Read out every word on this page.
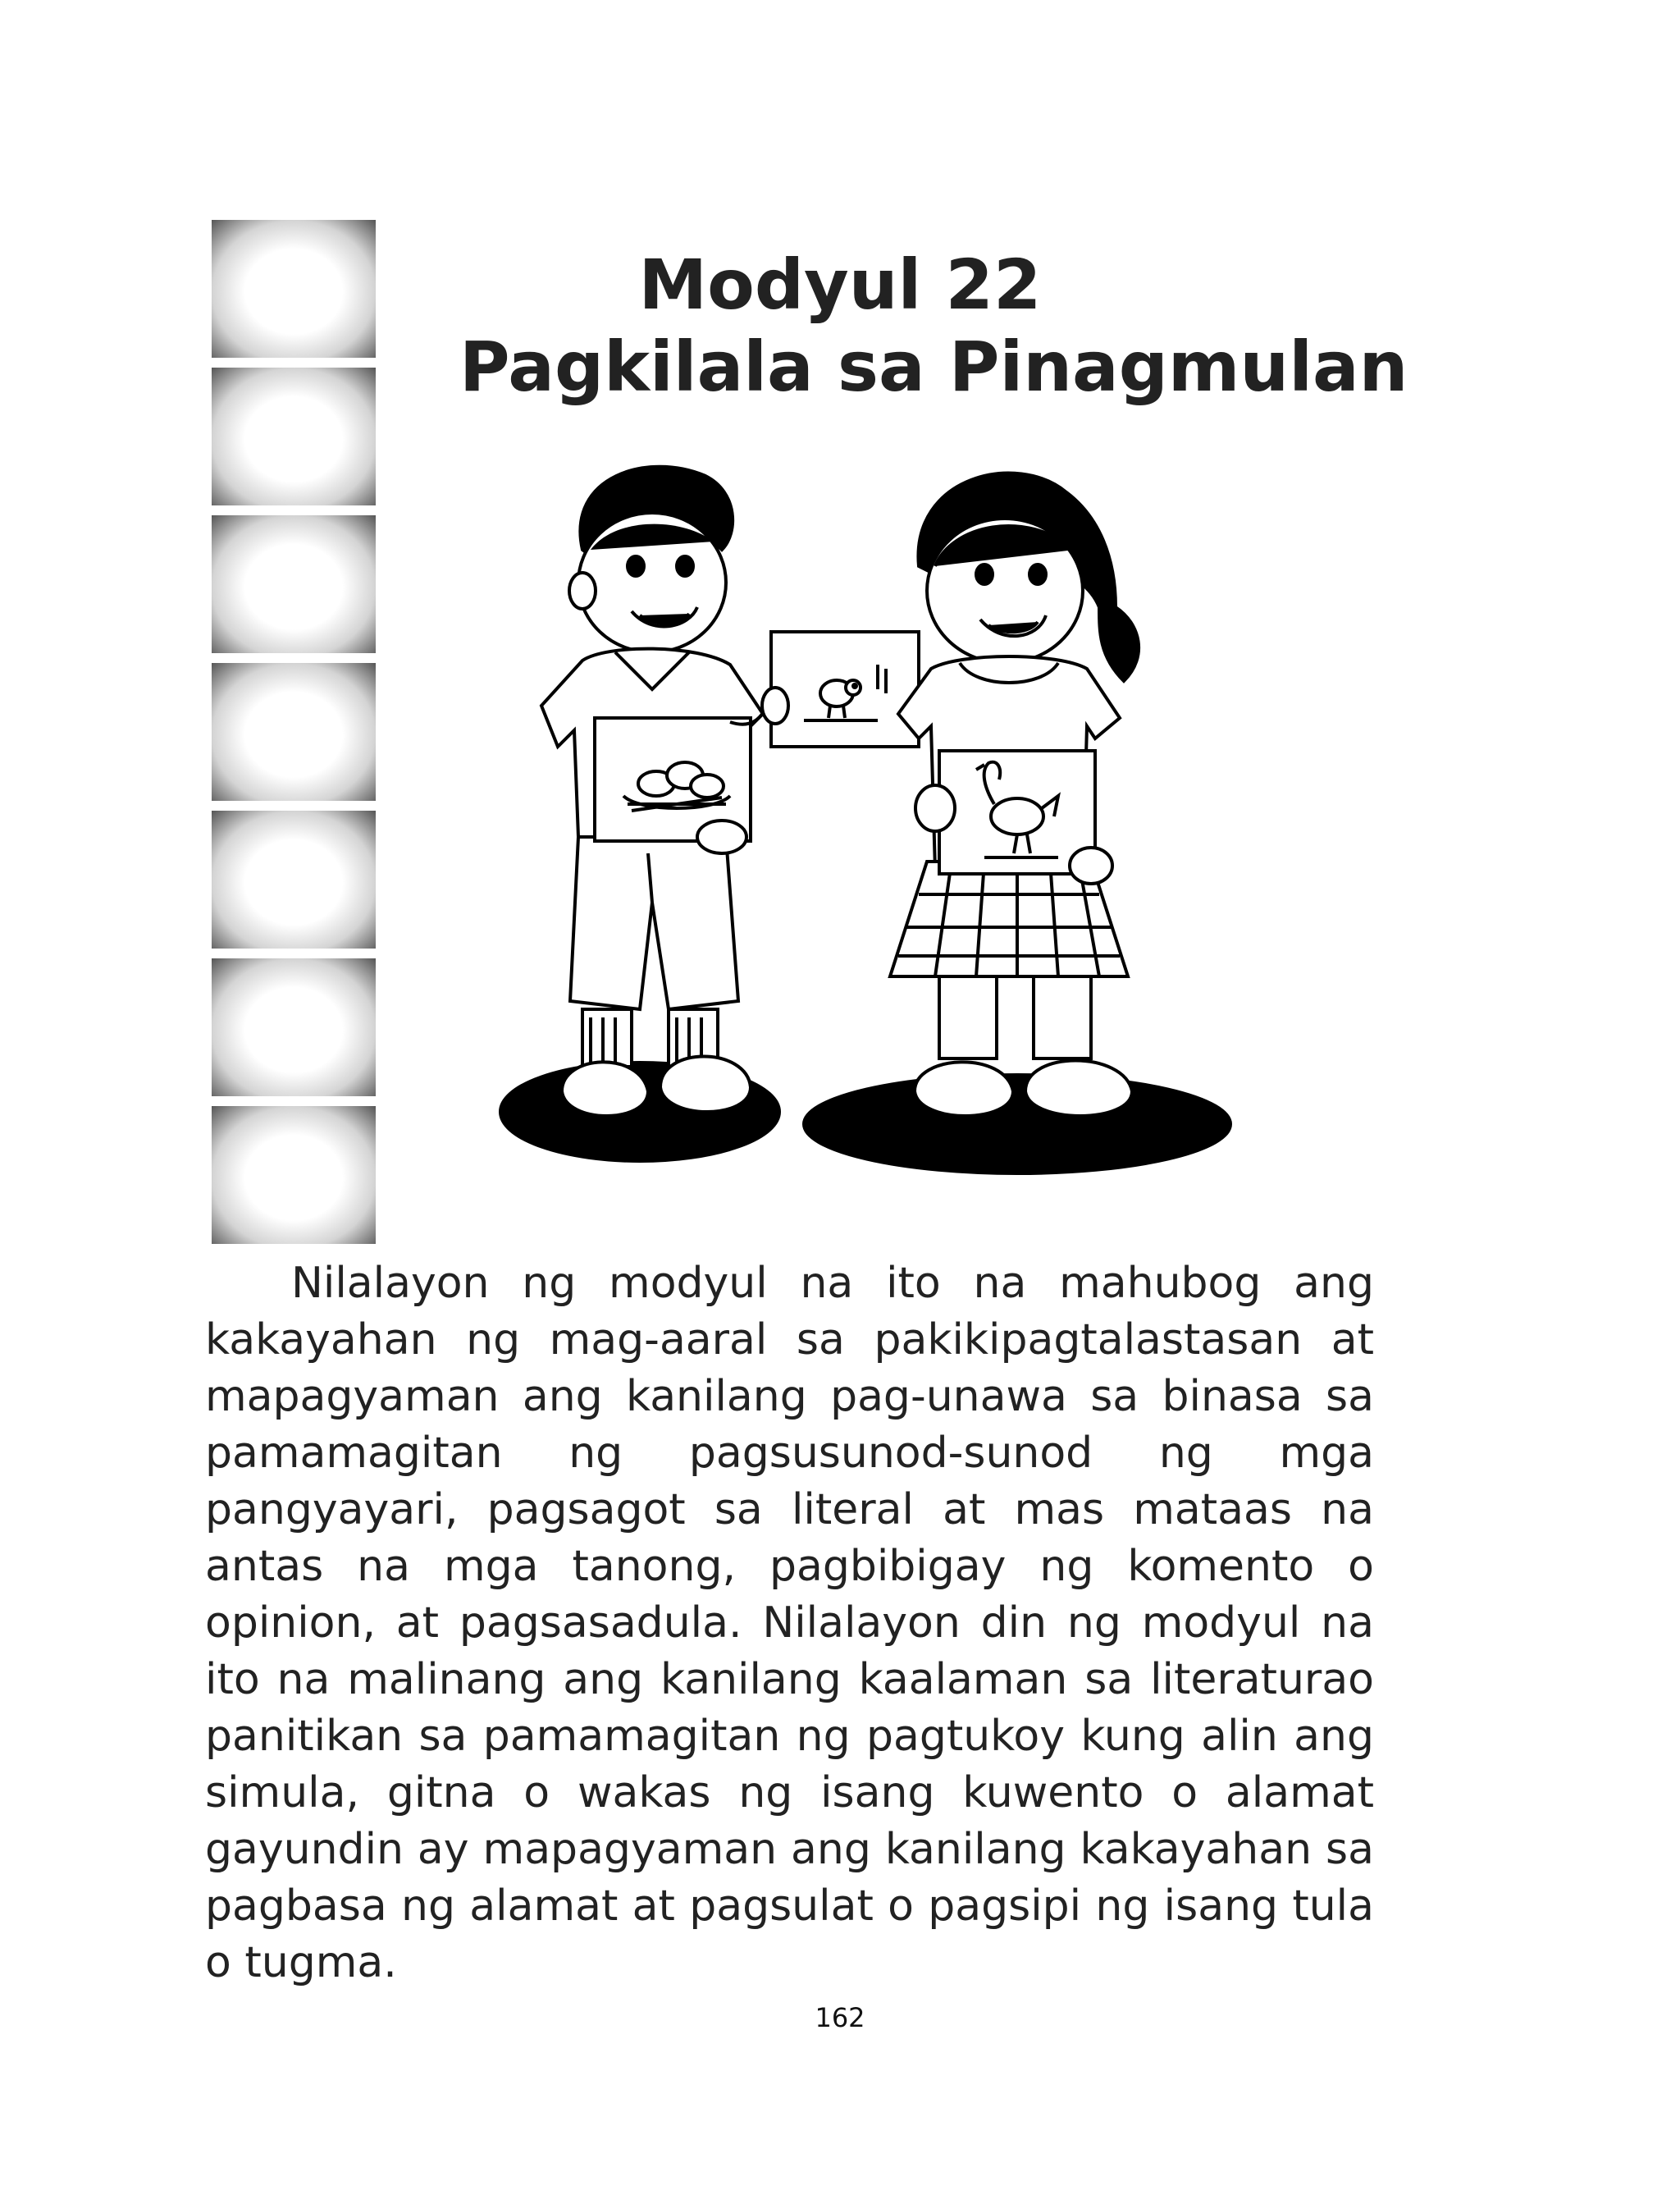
Modyul 22
Pagkilala sa Pinagmulan

Nilalayon ng modyul na ito na mahubog ang kakayahan ng mag-aaral sa pakikipagtalastasan at mapagyaman ang kanilang pag-unawa sa binasa sa pamamagitan ng pagsusunod-sunod ng mga pangyayari, pagsagot sa literal at mas mataas na antas na mga tanong, pagbibigay ng komento o opinion, at pagsasadula. Nilalayon din ng modyul na ito na malinang ang kanilang kaalaman sa literaturao panitikan sa pamamagitan ng pagtukoy kung alin ang simula, gitna o wakas ng isang kuwento o alamat gayundin ay mapagyaman ang kanilang kakayahan sa pagbasa ng alamat at pagsulat o pagsipi ng isang tula o tugma.

162
